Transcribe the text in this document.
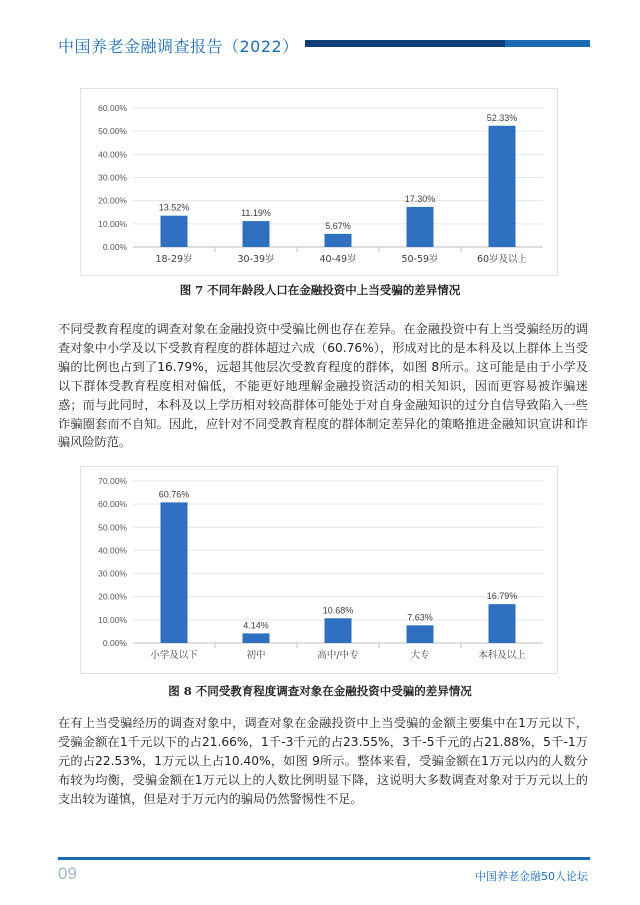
中国养老金融调查报告（2022）
0.00%
10.00%
20.00%
30.00%
40.00%
50.00%
60.00%
13.52%
18-29岁
11.19%
30-39岁
5.67%
40-49岁
17.30%
50-59岁
52.33%
60岁及以上
图 7 不同年龄段人口在金融投资中上当受骗的差异情况
不同受教育程度的调查对象在金融投资中受骗比例也存在差异。在金融投资中有上当受骗经历的调查对象中小学及以下受教育程度的群体超过六成（60.76%），形成对比的是本科及以上群体上当受骗的比例也占到了16.79%，远超其他层次受教育程度的群体，如图 8所示。这可能是由于小学及以下群体受教育程度相对偏低，不能更好地理解金融投资活动的相关知识，因而更容易被诈骗迷惑；而与此同时，本科及以上学历相对较高群体可能处于对自身金融知识的过分自信导致陷入一些诈骗圈套而不自知。因此，应针对不同受教育程度的群体制定差异化的策略推进金融知识宣讲和诈骗风险防范。
0.00%
10.00%
20.00%
30.00%
40.00%
50.00%
60.00%
70.00%
60.76%
小学及以下
4.14%
初中
10.68%
高中/中专
7.63%
大专
16.79%
本科及以上
图 8 不同受教育程度调查对象在金融投资中受骗的差异情况
在有上当受骗经历的调查对象中，调查对象在金融投资中上当受骗的金额主要集中在1万元以下，受骗金额在1千元以下的占21.66%，1千-3千元的占23.55%，3千-5千元的占21.88%，5千-1万元的占22.53%，1万元以上占10.40%，如图 9所示。整体来看，受骗金额在1万元以内的人数分布较为均衡，受骗金额在1万元以上的人数比例明显下降，这说明大多数调查对象对于万元以上的支出较为谨慎，但是对于万元内的骗局仍然警惕性不足。
09	中国养老金融50人论坛
